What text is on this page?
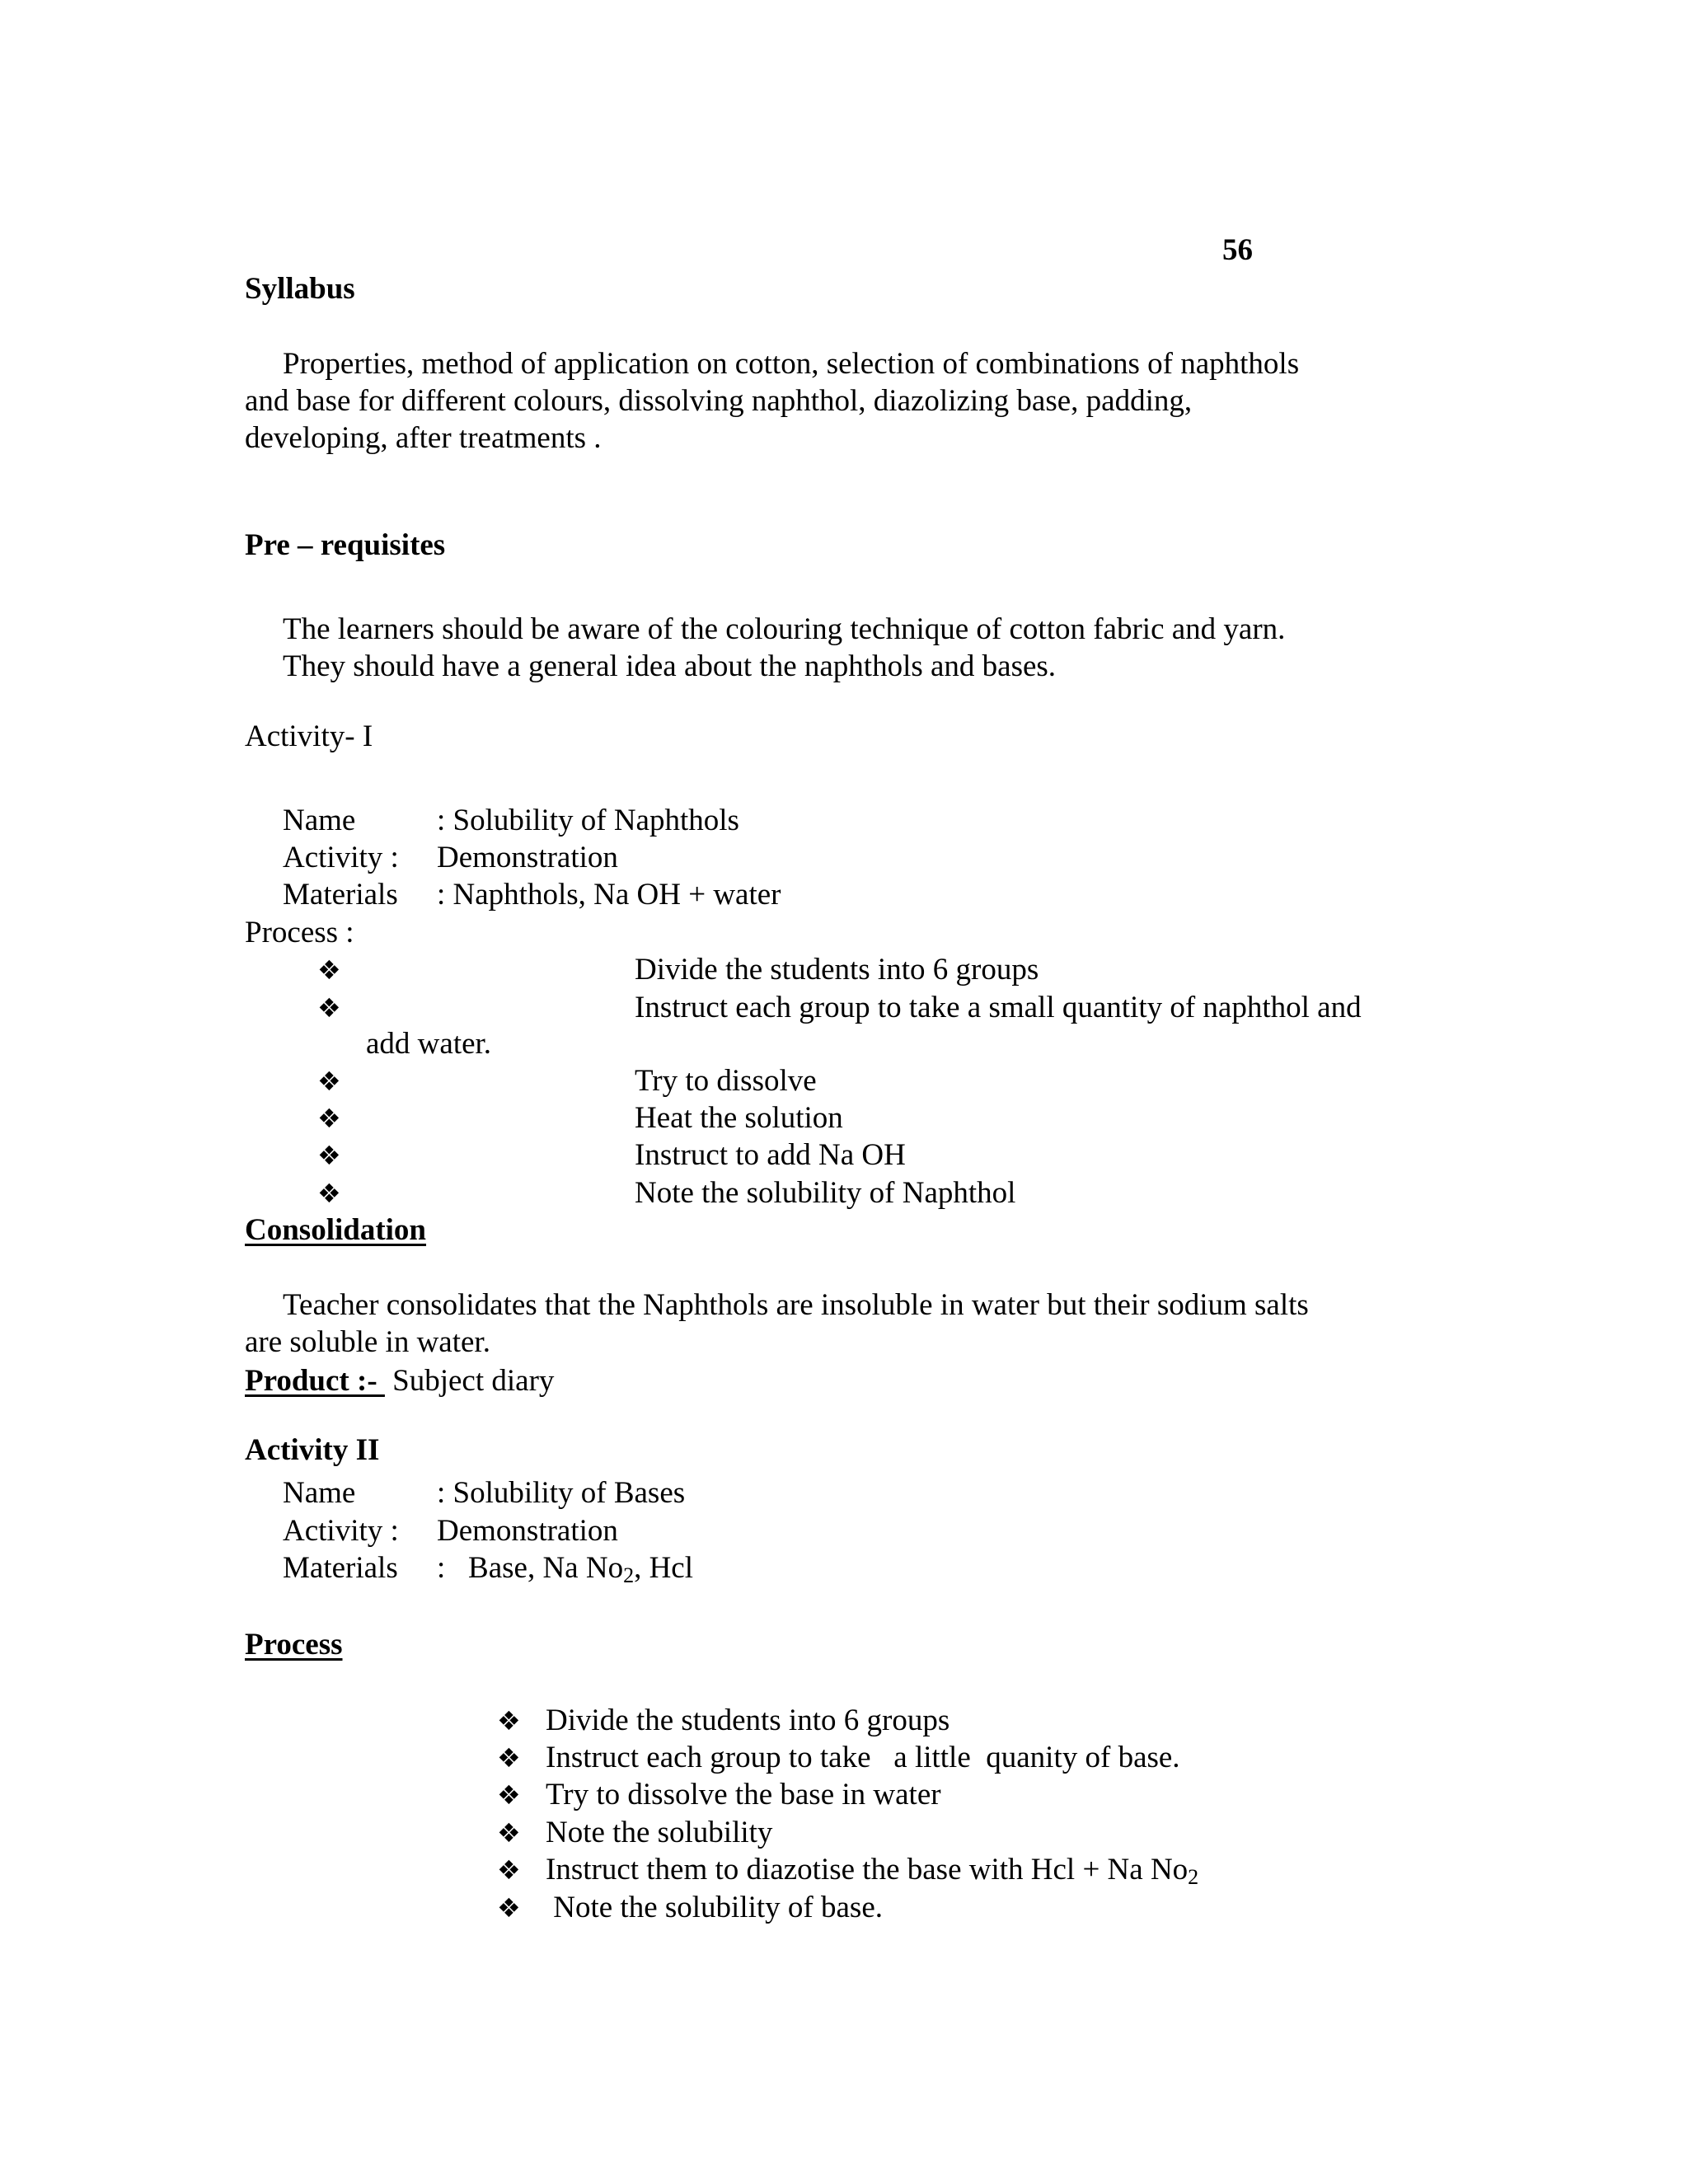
56
Syllabus
Properties, method of application on cotton, selection of combinations of naphthols
and base for different colours, dissolving naphthol, diazolizing base, padding,
developing, after treatments .
Pre – requisites
The learners should be aware of the colouring technique of cotton fabric and yarn.
They should have a general idea about the naphthols and bases.
Activity- I
Name	: Solubility of Naphthols
Activity : Demonstration
Materials : Naphthols, Na OH + water
Process :
❖	Divide the students into 6 groups
❖	Instruct each group to take a small quantity of naphthol and
add water.
❖	Try to dissolve
❖	Heat the solution
❖	Instruct to add Na OH
❖	Note the solubility of Naphthol
Consolidation
Teacher consolidates that the Naphthols are insoluble in water but their sodium salts
are soluble in water.
Product :-  Subject diary
Activity II
Name	: Solubility of Bases
Activity : Demonstration
Materials :   Base, Na $No_2$, Hcl
Process
❖ Divide the students into 6 groups
❖ Instruct each group to take   a little  quanity of base.
❖ Try to dissolve the base in water
❖ Note the solubility
❖ Instruct them to diazotise the base with Hcl + Na $No_2$
❖ Note the solubility of base.
